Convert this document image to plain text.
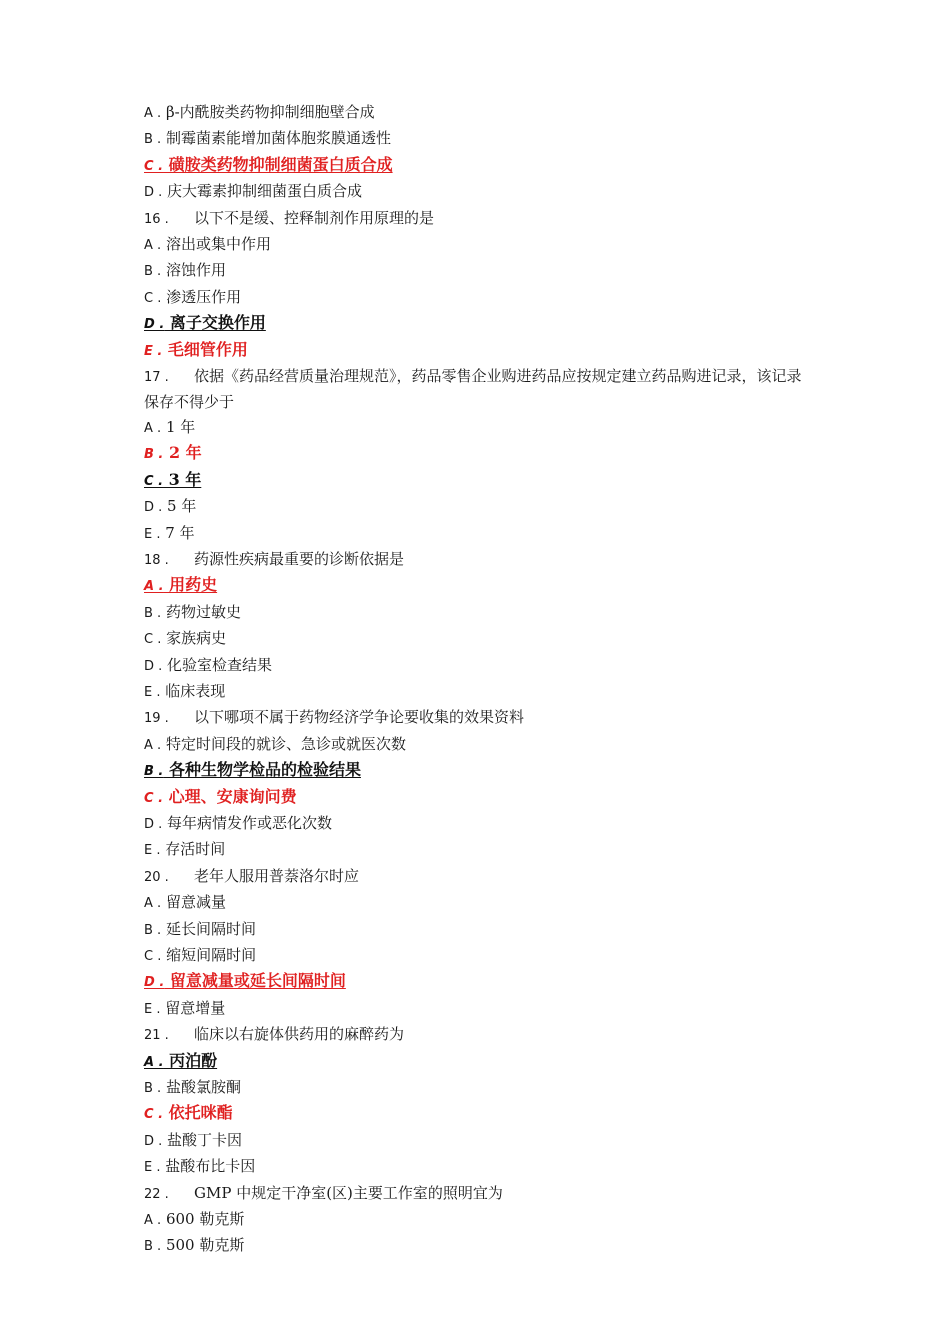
A . β-内酰胺类药物抑制细胞壁合成
B . 制霉菌素能增加菌体胞浆膜通透性
C . 磺胺类药物抑制细菌蛋白质合成
D . 庆大霉素抑制细菌蛋白质合成
16 . 以下不是缓、控释制剂作用原理的是
A . 溶出或集中作用
B . 溶蚀作用
C . 渗透压作用
D . 离子交换作用
E . 毛细管作用
17 . 依据《药品经营质量治理规范》，药品零售企业购进药品应按规定建立药品购进记录，该记录保存不得少于
A . 1 年
B . 2 年
C . 3 年
D . 5 年
E . 7 年
18 . 药源性疾病最重要的诊断依据是
A . 用药史
B . 药物过敏史
C . 家族病史
D . 化验室检查结果
E . 临床表现
19 . 以下哪项不属于药物经济学争论要收集的效果资料
A . 特定时间段的就诊、急诊或就医次数
B . 各种生物学检品的检验结果
C . 心理、安康询问费
D . 每年病情发作或恶化次数
E . 存活时间
20 . 老年人服用普萘洛尔时应
A . 留意减量
B . 延长间隔时间
C . 缩短间隔时间
D . 留意减量或延长间隔时间
E . 留意增量
21 . 临床以右旋体供药用的麻醉药为
A . 丙泊酚
B . 盐酸氯胺酮
C . 依托咪酯
D . 盐酸丁卡因
E . 盐酸布比卡因
22 . GMP 中规定干净室(区)主要工作室的照明宜为
A . 600 勒克斯
B . 500 勒克斯
